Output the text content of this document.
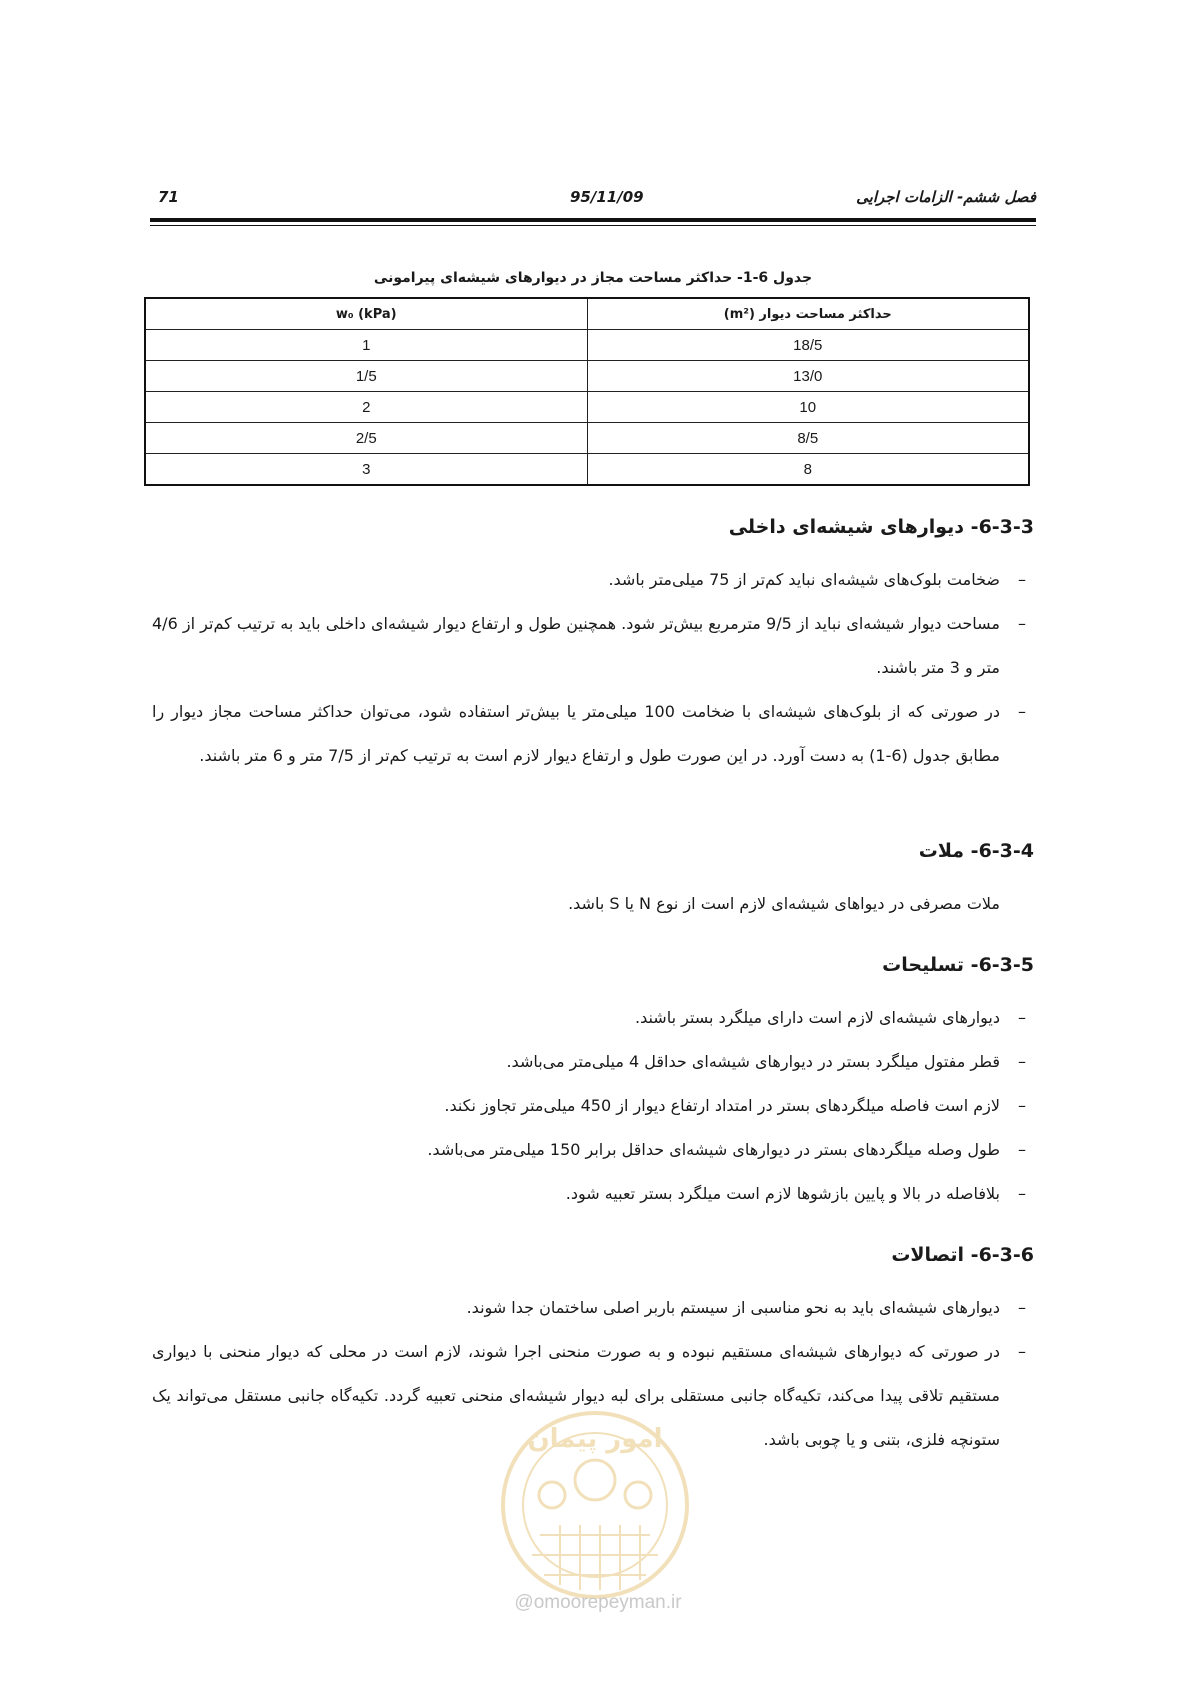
فصل ششم- الزامات اجرایی
95/11/09
71
جدول 6-1- حداکثر مساحت مجاز در دیوارهای شیشه‌ای پیرامونی
حداکثر مساحت دیوار (m²)	w₀ (kPa)
18/5	1
13/0	1/5
10	2
8/5	2/5
8	3
6-3-3- دیوارهای شیشه‌ای داخلی
–
ضخامت بلوک‌های شیشه‌ای نباید کم‌تر از 75 میلی‌متر باشد.
–
مساحت دیوار شیشه‌ای نباید از 9/5 مترمربع بیش‌تر شود. همچنین طول و ارتفاع دیوار شیشه‌ای داخلی باید به ترتیب کم‌تر از 4/6 متر و 3 متر باشند.
–
در صورتی که از بلوک‌های شیشه‌ای با ضخامت 100 میلی‌متر یا بیش‌تر استفاده شود، می‌توان حداکثر مساحت مجاز دیوار را مطابق جدول (6-1) به دست آورد. در این صورت طول و ارتفاع دیوار لازم است به ترتیب کم‌تر از 7/5 متر و 6 متر باشند.
6-3-4- ملات
ملات مصرفی در دیواهای شیشه‌ای لازم است از نوع N یا S باشد.
6-3-5- تسلیحات
–
دیوارهای شیشه‌ای لازم است دارای میلگرد بستر باشند.
–
قطر مفتول میلگرد بستر در دیوارهای شیشه‌ای حداقل 4 میلی‌متر می‌باشد.
–
لازم است فاصله میلگردهای بستر در امتداد ارتفاع دیوار از 450 میلی‌متر تجاوز نکند.
–
طول وصله میلگردهای بستر در دیوارهای شیشه‌ای حداقل برابر 150 میلی‌متر می‌باشد.
–
بلافاصله در بالا و پایین بازشوها لازم است میلگرد بستر تعبیه شود.
6-3-6- اتصالات
–
دیوارهای شیشه‌ای باید به نحو مناسبی از سیستم باربر اصلی ساختمان جدا شوند.
–
در صورتی که دیوارهای شیشه‌ای مستقیم نبوده و به صورت منحنی اجرا شوند، لازم است در محلی که دیوار منحنی با دیواری مستقیم تلاقی پیدا می‌کند، تکیه‌گاه جانبی مستقلی برای لبه دیوار شیشه‌ای منحنی تعبیه گردد. تکیه‌گاه جانبی مستقل می‌تواند یک ستونچه فلزی، بتنی و یا چوبی باشد.
امور پیمان
@omoorepeyman.ir
